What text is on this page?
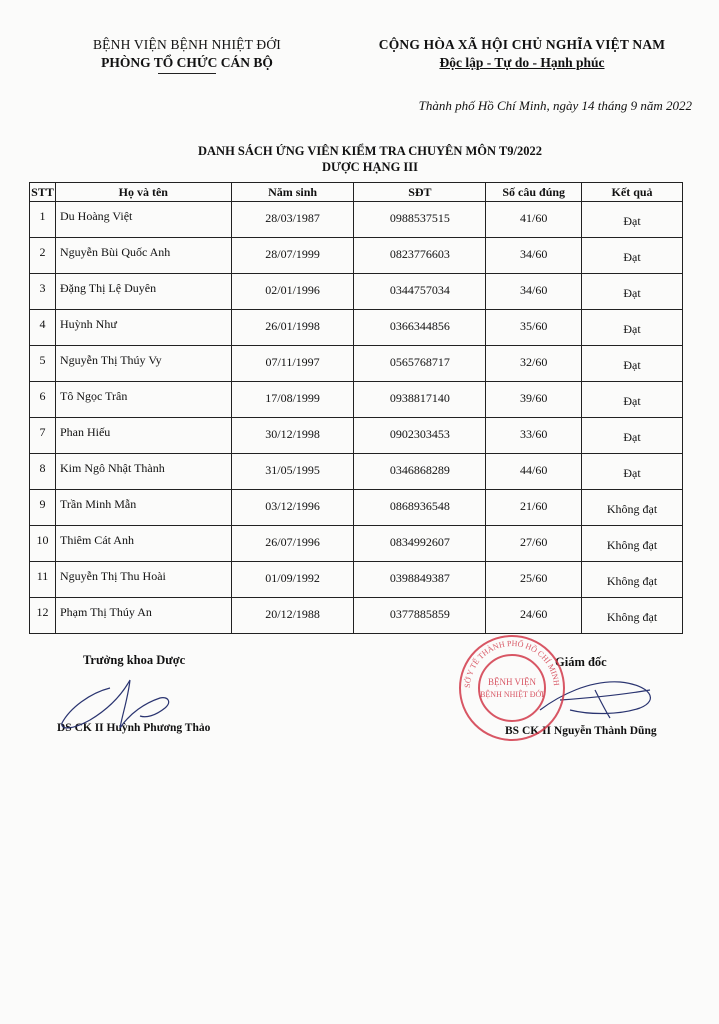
BỆNH VIỆN BỆNH NHIỆT ĐỚI
PHÒNG TỔ CHỨC CÁN BỘ
CỘNG HÒA XÃ HỘI CHỦ NGHĨA VIỆT NAM
Độc lập - Tự do - Hạnh phúc
Thành phố Hồ Chí Minh, ngày 14 tháng 9 năm 2022
DANH SÁCH ỨNG VIÊN KIỂM TRA CHUYÊN MÔN T9/2022
DƯỢC HẠNG III
STT	Họ và tên	Năm sinh	SĐT	Số câu đúng	Kết quả
1	Du Hoàng Việt	28/03/1987	0988537515	41/60	Đạt
2	Nguyễn Bùi Quốc Anh	28/07/1999	0823776603	34/60	Đạt
3	Đặng Thị Lệ Duyên	02/01/1996	0344757034	34/60	Đạt
4	Huỳnh Như	26/01/1998	0366344856	35/60	Đạt
5	Nguyễn Thị Thúy Vy	07/11/1997	0565768717	32/60	Đạt
6	Tô Ngọc Trân	17/08/1999	0938817140	39/60	Đạt
7	Phan Hiếu	30/12/1998	0902303453	33/60	Đạt
8	Kim Ngô Nhật Thành	31/05/1995	0346868289	44/60	Đạt
9	Trần Minh Mẫn	03/12/1996	0868936548	21/60	Không đạt
10	Thiêm Cát Anh	26/07/1996	0834992607	27/60	Không đạt
11	Nguyễn Thị Thu Hoài	01/09/1992	0398849387	25/60	Không đạt
12	Phạm Thị Thúy An	20/12/1988	0377885859	24/60	Không đạt
Trưởng khoa Dược
DS CK II Huỳnh Phương Thảo
Giám đốc
BS CK II Nguyễn Thành Dũng
SỞ Y TẾ THÀNH PHỐ HỒ CHÍ MINH
BỆNH VIỆN
BỆNH NHIỆT ĐỚI
